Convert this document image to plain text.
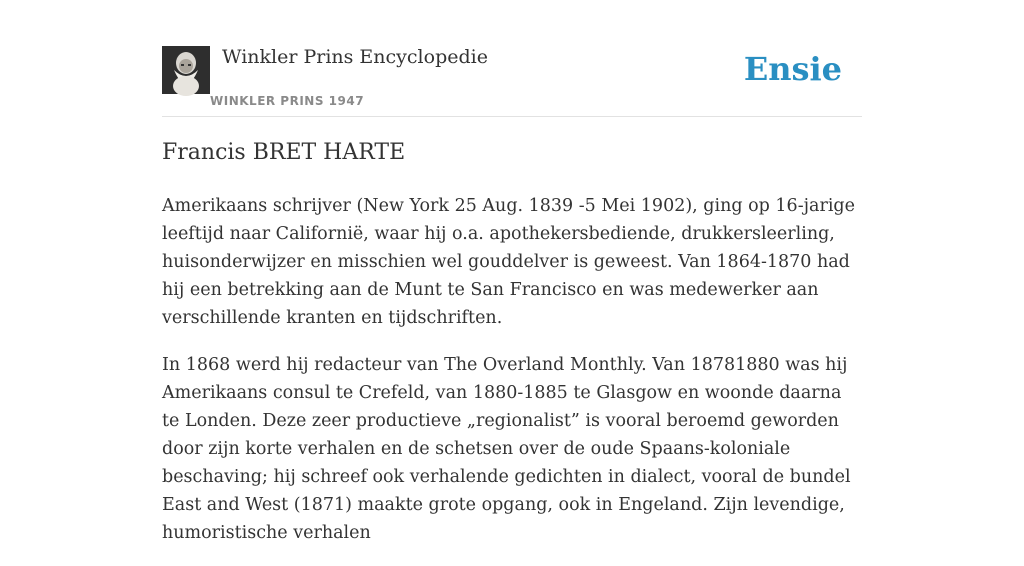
Winkler Prins Encyclopedie
WINKLER PRINS 1947
Ensie
Francis BRET HARTE

Amerikaans schrijver (New York 25 Aug. 1839 -5 Mei 1902), ging op 16-jarige leeftijd naar Californië, waar hij o.a. apothekersbediende, drukkersleerling, huisonderwijzer en misschien wel gouddelver is geweest. Van 1864-1870 had hij een betrekking aan de Munt te San Francisco en was medewerker aan verschillende kranten en tijdschriften.

In 1868 werd hij redacteur van The Overland Monthly. Van 18781880 was hij Amerikaans consul te Crefeld, van 1880-1885 te Glasgow en woonde daarna te Londen. Deze zeer productieve „regionalist” is vooral beroemd geworden door zijn korte verhalen en de schetsen over de oude Spaans-koloniale beschaving; hij schreef ook verhalende gedichten in dialect, vooral de bundel East and West (1871) maakte grote opgang, ook in Engeland. Zijn levendige, humoristische verhalen
